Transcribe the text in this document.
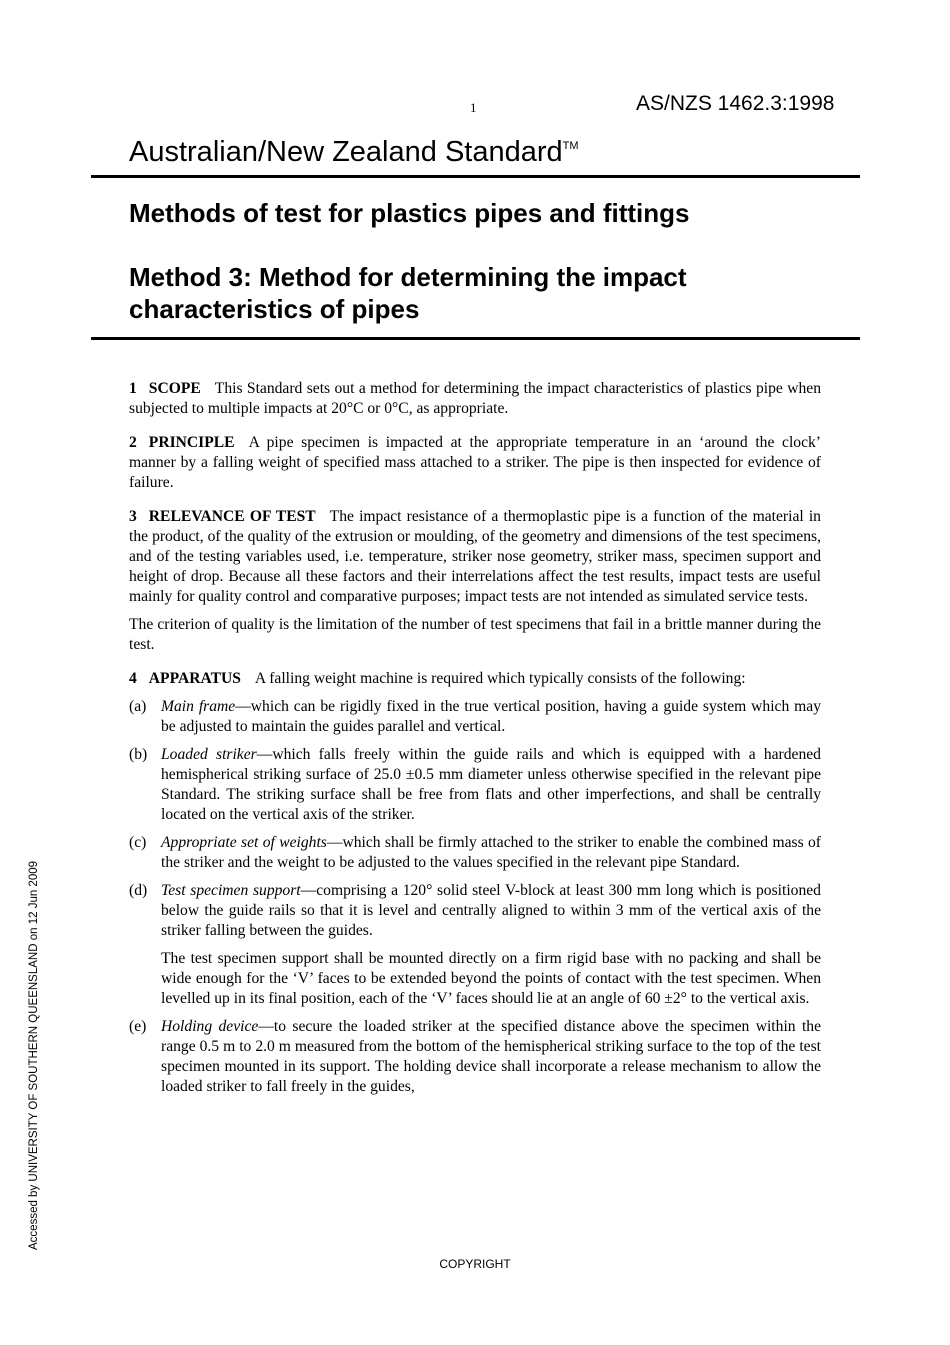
1	AS/NZS 1462.3:1998
Australian/New Zealand Standard™
Methods of test for plastics pipes and fittings
Method 3: Method for determining the impact characteristics of pipes

1 SCOPE This Standard sets out a method for determining the impact characteristics of plastics pipe when subjected to multiple impacts at 20°C or 0°C, as appropriate.

2 PRINCIPLE A pipe specimen is impacted at the appropriate temperature in an ‘around the clock’ manner by a falling weight of specified mass attached to a striker. The pipe is then inspected for evidence of failure.

3 RELEVANCE OF TEST The impact resistance of a thermoplastic pipe is a function of the material in the product, of the quality of the extrusion or moulding, of the geometry and dimensions of the test specimens, and of the testing variables used, i.e. temperature, striker nose geometry, striker mass, specimen support and height of drop. Because all these factors and their interrelations affect the test results, impact tests are useful mainly for quality control and comparative purposes; impact tests are not intended as simulated service tests.

The criterion of quality is the limitation of the number of test specimens that fail in a brittle manner during the test.

4 APPARATUS A falling weight machine is required which typically consists of the following:

(a) Main frame—which can be rigidly fixed in the true vertical position, having a guide system which may be adjusted to maintain the guides parallel and vertical.

(b) Loaded striker—which falls freely within the guide rails and which is equipped with a hardened hemispherical striking surface of 25.0 ±0.5 mm diameter unless otherwise specified in the relevant pipe Standard. The striking surface shall be free from flats and other imperfections, and shall be centrally located on the vertical axis of the striker.

(c) Appropriate set of weights—which shall be firmly attached to the striker to enable the combined mass of the striker and the weight to be adjusted to the values specified in the relevant pipe Standard.

(d) Test specimen support—comprising a 120° solid steel V-block at least 300 mm long which is positioned below the guide rails so that it is level and centrally aligned to within 3 mm of the vertical axis of the striker falling between the guides.

The test specimen support shall be mounted directly on a firm rigid base with no packing and shall be wide enough for the ‘V’ faces to be extended beyond the points of contact with the test specimen. When levelled up in its final position, each of the ‘V’ faces should lie at an angle of 60 ±2° to the vertical axis.

(e) Holding device—to secure the loaded striker at the specified distance above the specimen within the range 0.5 m to 2.0 m measured from the bottom of the hemispherical striking surface to the top of the test specimen mounted in its support. The holding device shall incorporate a release mechanism to allow the loaded striker to fall freely in the guides,

Accessed by UNIVERSITY OF SOUTHERN QUEENSLAND on 12 Jun 2009
COPYRIGHT
